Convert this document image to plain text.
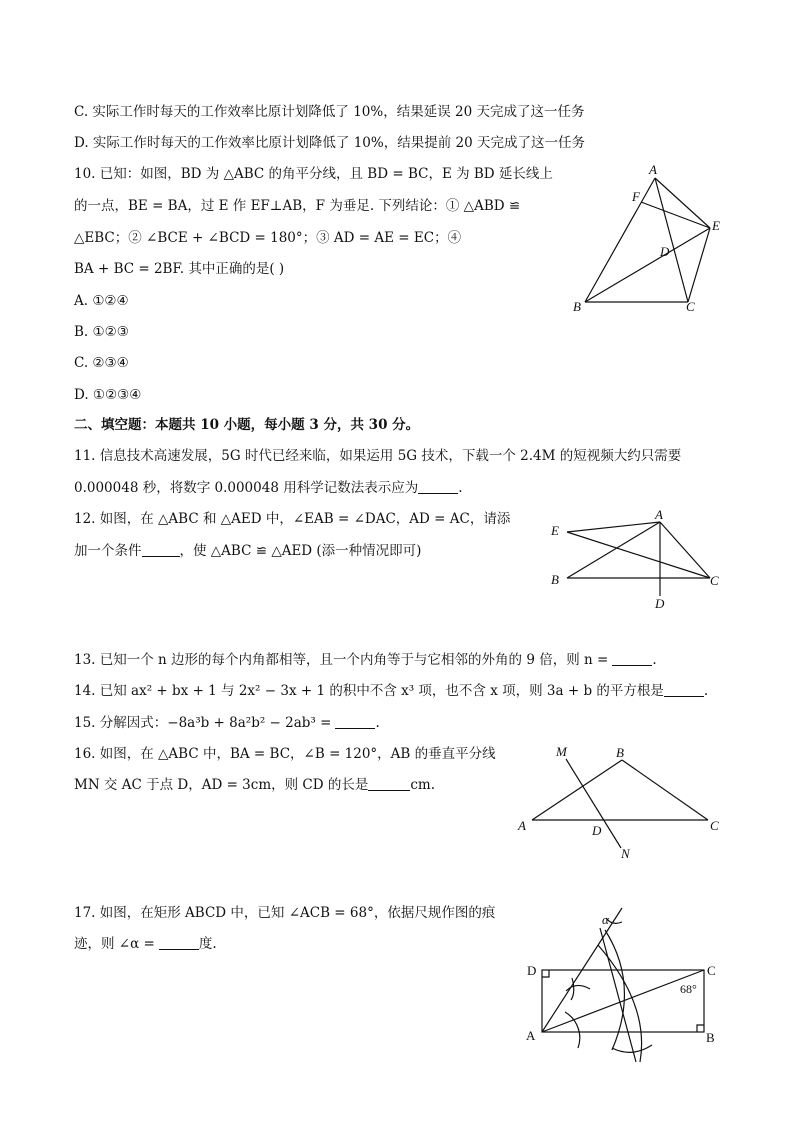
C. 实际工作时每天的工作效率比原计划降低了 10%，结果延误 20 天完成了这一任务
D. 实际工作时每天的工作效率比原计划降低了 10%，结果提前 20 天完成了这一任务
10. 已知：如图，BD 为 △ABC 的角平分线，且 BD = BC，E 为 BD 延长线上
的一点，BE = BA，过 E 作 EF⊥AB，F 为垂足. 下列结论：① △ABD ≌
△EBC；② ∠BCE + ∠BCD = 180°；③ AD = AE = EC；④
BA + BC = 2BF. 其中正确的是( )
A. ①②④
B. ①②③
C. ②③④
D. ①②③④
A
F
E
D
B	C
二、填空题：本题共 10 小题，每小题 3 分，共 30 分。
11. 信息技术高速发展，5G 时代已经来临，如果运用 5G 技术，下载一个 2.4M 的短视频大约只需要
0.000048 秒，将数字 0.000048 用科学记数法表示应为	.
12. 如图，在 △ABC 和 △AED 中，∠EAB = ∠DAC，AD = AC，请添
加一个条件	，使 △ABC ≌ △AED (添一种情况即可)
A
E
B	C
D
13. 已知一个 n 边形的每个内角都相等，且一个内角等于与它相邻的外角的 9 倍，则 n =	.
14. 已知 ax² + bx + 1 与 2x² − 3x + 1 的积中不含 x³ 项，也不含 x 项，则 3a + b 的平方根是	.
15. 分解因式：−8a³b + 8a²b² − 2ab³ =	.
16. 如图，在 △ABC 中，BA = BC，∠B = 120°，AB 的垂直平分线
MN 交 AC 于点 D，AD = 3cm，则 CD 的长是	cm.
M	B
A	D	C
N
17. 如图，在矩形 ABCD 中，已知 ∠ACB = 68°，依据尺规作图的痕
迹，则 ∠α =	度.
α
D	C
68°
A	B
